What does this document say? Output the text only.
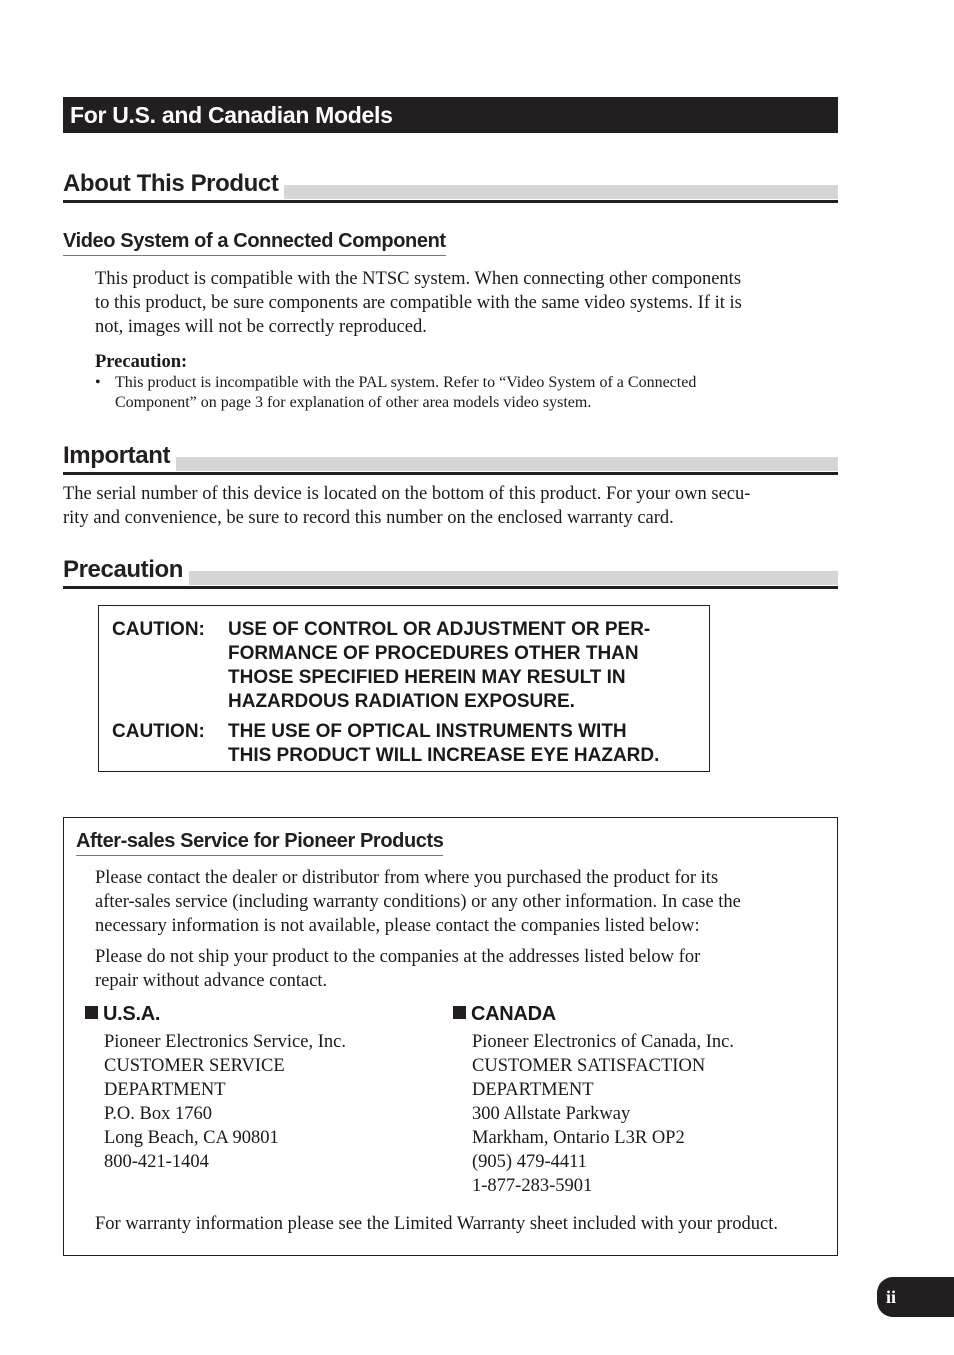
For U.S. and Canadian Models
About This Product
Video System of a Connected Component
This product is compatible with the NTSC system. When connecting other components
to this product, be sure components are compatible with the same video systems. If it is
not, images will not be correctly reproduced.
Precaution:
• This product is incompatible with the PAL system. Refer to “Video System of a Connected
Component” on page 3 for explanation of other area models video system.
Important
The serial number of this device is located on the bottom of this product. For your own secu-
rity and convenience, be sure to record this number on the enclosed warranty card.
Precaution
CAUTION:	USE OF CONTROL OR ADJUSTMENT OR PER-
FORMANCE OF PROCEDURES OTHER THAN
THOSE SPECIFIED HEREIN MAY RESULT IN
HAZARDOUS RADIATION EXPOSURE.
CAUTION:	THE USE OF OPTICAL INSTRUMENTS WITH
THIS PRODUCT WILL INCREASE EYE HAZARD.
After-sales Service for Pioneer Products
Please contact the dealer or distributor from where you purchased the product for its
after-sales service (including warranty conditions) or any other information. In case the
necessary information is not available, please contact the companies listed below:
Please do not ship your product to the companies at the addresses listed below for
repair without advance contact.
U.S.A.
Pioneer Electronics Service, Inc.
CUSTOMER SERVICE
DEPARTMENT
P.O. Box 1760
Long Beach, CA 90801
800-421-1404
CANADA
Pioneer Electronics of Canada, Inc.
CUSTOMER SATISFACTION
DEPARTMENT
300 Allstate Parkway
Markham, Ontario L3R OP2
(905) 479-4411
1-877-283-5901
For warranty information please see the Limited Warranty sheet included with your product.
ii
